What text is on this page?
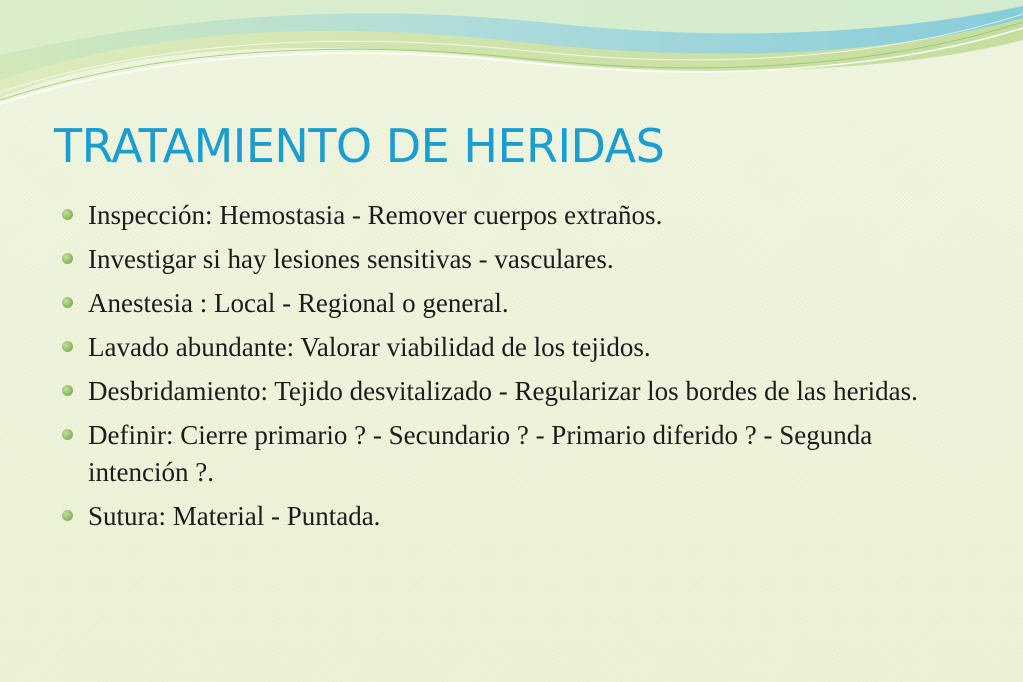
TRATAMIENTO DE HERIDAS
Inspección: Hemostasia - Remover cuerpos extraños.
Investigar si hay lesiones sensitivas - vasculares.
Anestesia : Local - Regional o general.
Lavado abundante: Valorar viabilidad de los tejidos.
Desbridamiento: Tejido desvitalizado - Regularizar los bordes de las heridas.
Definir: Cierre primario ? - Secundario ? - Primario diferido ? - Segunda intención ?.
Sutura: Material - Puntada.
